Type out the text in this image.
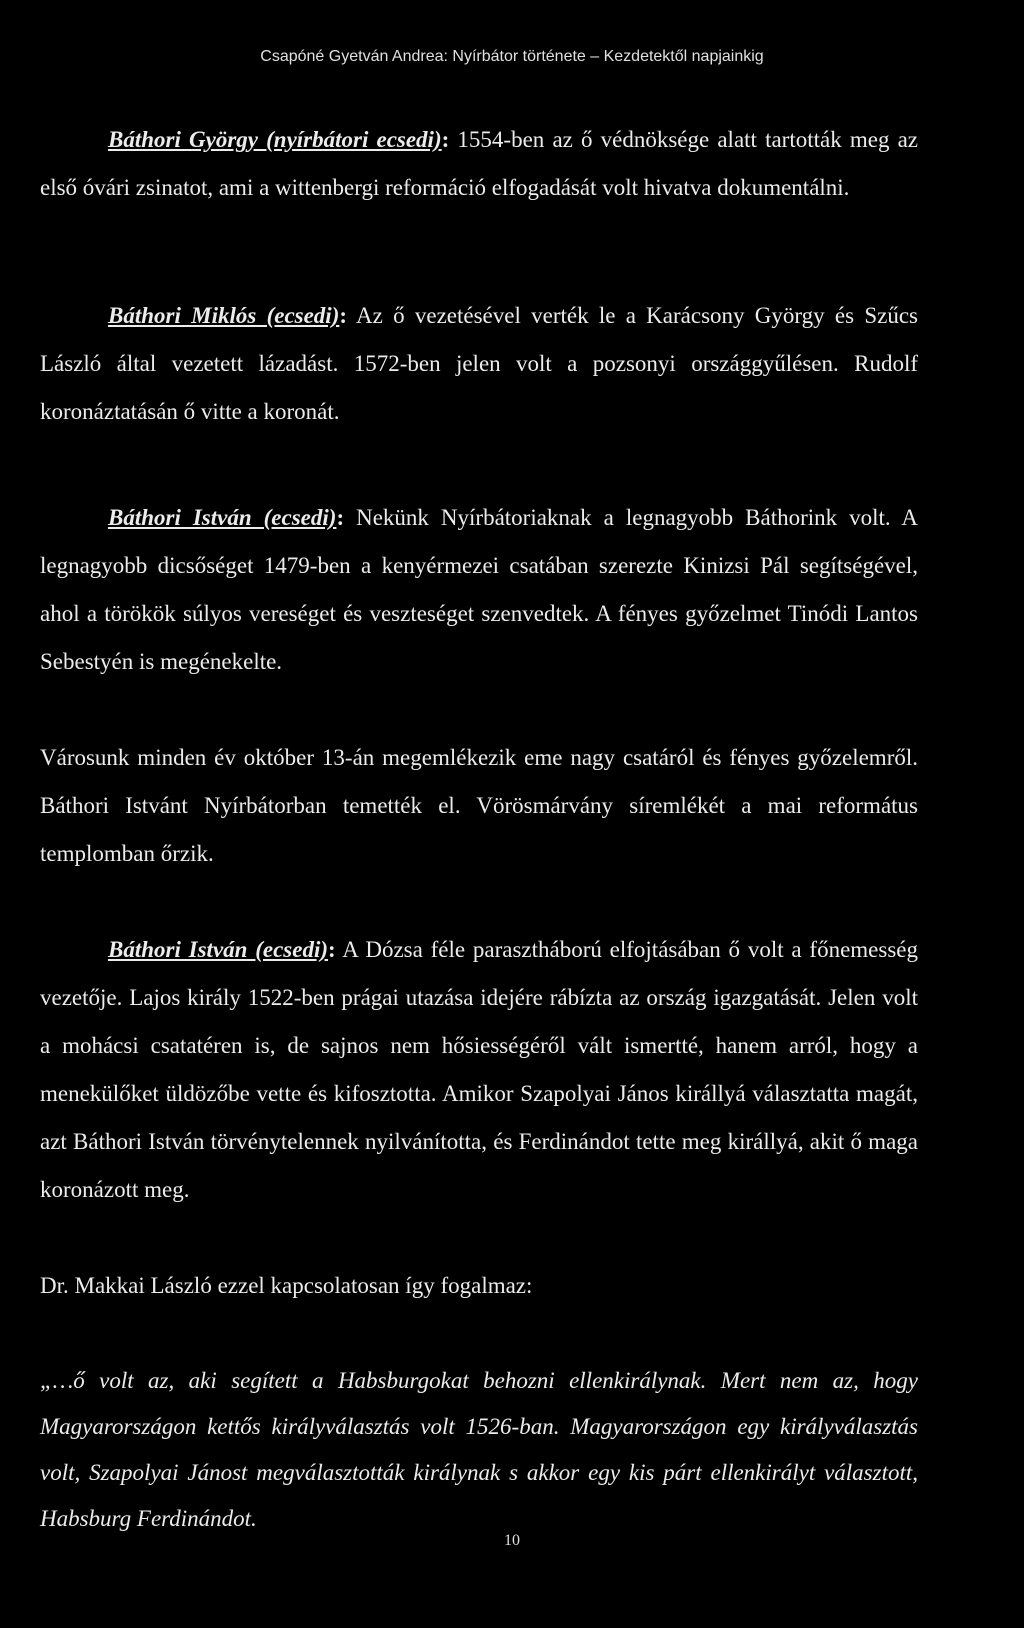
Csapóné Gyetván Andrea: Nyírbátor története – Kezdetektől napjainkig

Báthori György (nyírbátori ecsedi): 1554-ben az ő védnöksége alatt tartották meg az első óvári zsinatot, ami a wittenbergi reformáció elfogadását volt hivatva dokumentálni.

Báthori Miklós (ecsedi): Az ő vezetésével verték le a Karácsony György és Szűcs László által vezetett lázadást. 1572-ben jelen volt a pozsonyi országgyűlésen. Rudolf koronáztatásán ő vitte a koronát.

Báthori István (ecsedi): Nekünk Nyírbátoriaknak a legnagyobb Báthorink volt. A legnagyobb dicsőséget 1479-ben a kenyérmezei csatában szerezte Kinizsi Pál segítségével, ahol a törökök súlyos vereséget és veszteséget szenvedtek. A fényes győzelmet Tinódi Lantos Sebestyén is megénekelte.

Városunk minden év október 13-án megemlékezik eme nagy csatáról és fényes győzelemről. Báthori Istvánt Nyírbátorban temették el. Vörösmárvány síremlékét a mai református templomban őrzik.

Báthori István (ecsedi): A Dózsa féle parasztháború elfojtásában ő volt a főnemesség vezetője. Lajos király 1522-ben prágai utazása idejére rábízta az ország igazgatását. Jelen volt a mohácsi csatatéren is, de sajnos nem hősiességéről vált ismertté, hanem arról, hogy a menekülőket üldözőbe vette és kifosztotta. Amikor Szapolyai János királlyá választatta magát, azt Báthori István törvénytelennek nyilvánította, és Ferdinándot tette meg királlyá, akit ő maga koronázott meg.

Dr. Makkai László ezzel kapcsolatosan így fogalmaz:

„…ő volt az, aki segített a Habsburgokat behozni ellenkirálynak. Mert nem az, hogy Magyarországon kettős királyválasztás volt 1526-ban. Magyarországon egy királyválasztás volt, Szapolyai Jánost megválasztották királynak s akkor egy kis párt ellenkirályt választott, Habsburg Ferdinándot.

10
